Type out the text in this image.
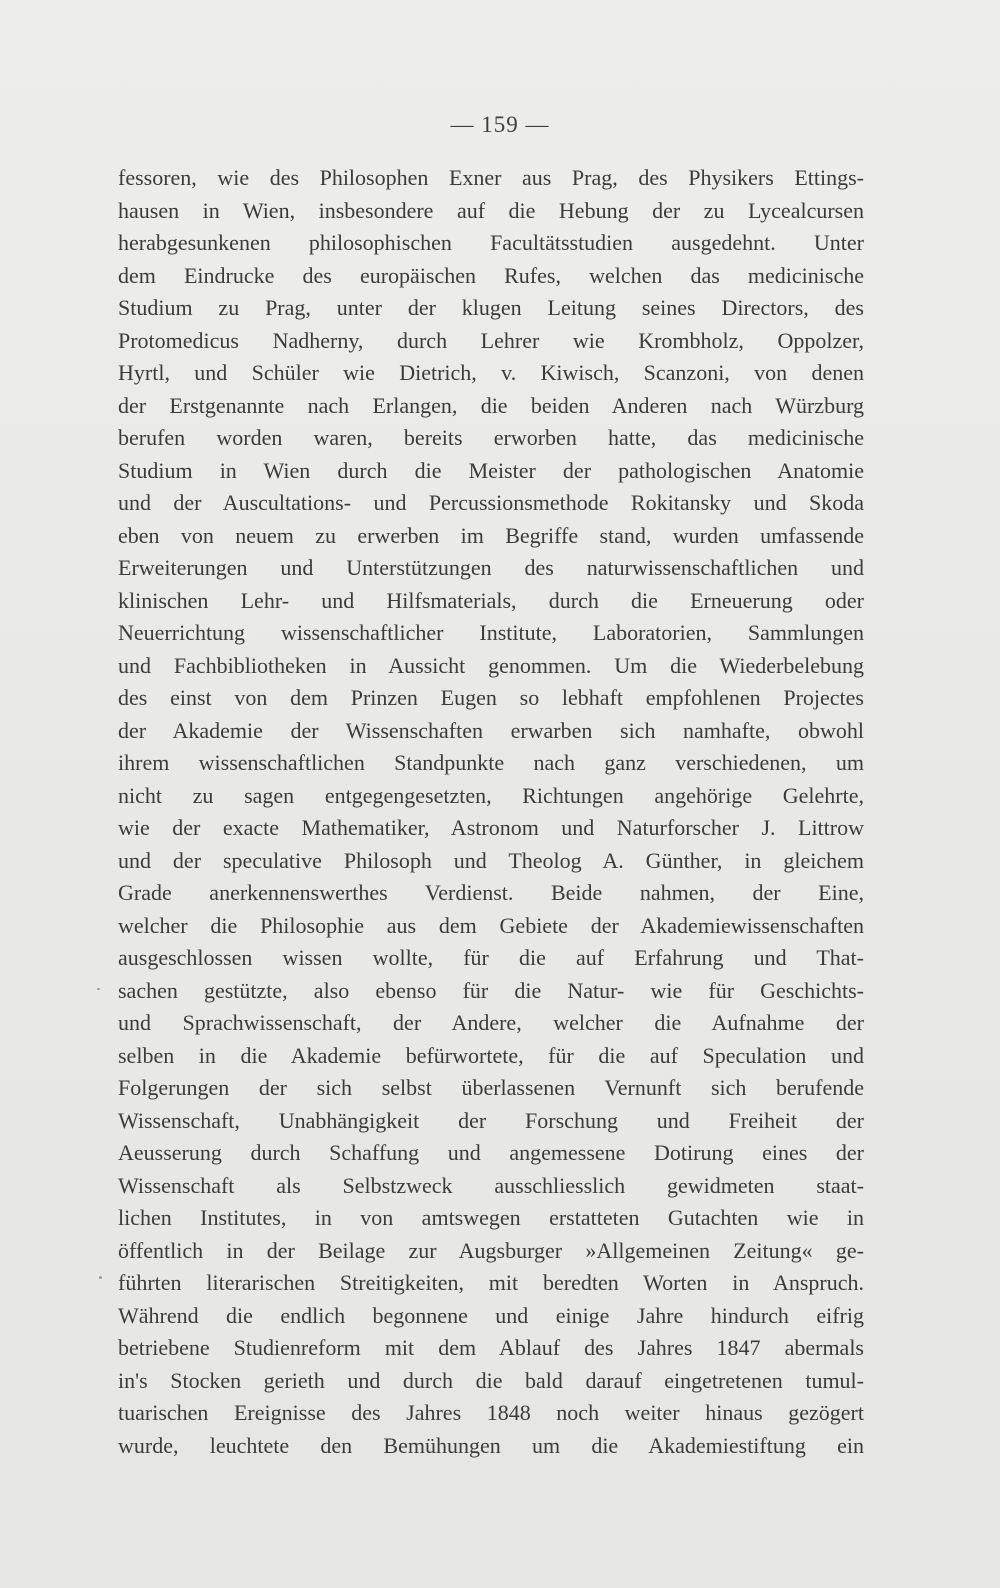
— 159 —
fessoren, wie des Philosophen Exner aus Prag, des Physikers Ettings-
hausen in Wien, insbesondere auf die Hebung der zu Lycealcursen
herabgesunkenen philosophischen Facultätsstudien ausgedehnt. Unter
dem Eindrucke des europäischen Rufes, welchen das medicinische
Studium zu Prag, unter der klugen Leitung seines Directors, des
Protomedicus Nadherny, durch Lehrer wie Krombholz, Oppolzer,
Hyrtl, und Schüler wie Dietrich, v. Kiwisch, Scanzoni, von denen
der Erstgenannte nach Erlangen, die beiden Anderen nach Würzburg
berufen worden waren, bereits erworben hatte, das medicinische
Studium in Wien durch die Meister der pathologischen Anatomie
und der Auscultations- und Percussionsmethode Rokitansky und Skoda
eben von neuem zu erwerben im Begriffe stand, wurden umfassende
Erweiterungen und Unterstützungen des naturwissenschaftlichen und
klinischen Lehr- und Hilfsmaterials, durch die Erneuerung oder
Neuerrichtung wissenschaftlicher Institute, Laboratorien, Sammlungen
und Fachbibliotheken in Aussicht genommen. Um die Wiederbelebung
des einst von dem Prinzen Eugen so lebhaft empfohlenen Projectes
der Akademie der Wissenschaften erwarben sich namhafte, obwohl
ihrem wissenschaftlichen Standpunkte nach ganz verschiedenen, um
nicht zu sagen entgegengesetzten, Richtungen angehörige Gelehrte,
wie der exacte Mathematiker, Astronom und Naturforscher J. Littrow
und der speculative Philosoph und Theolog A. Günther, in gleichem
Grade anerkennenswerthes Verdienst. Beide nahmen, der Eine,
welcher die Philosophie aus dem Gebiete der Akademiewissenschaften
ausgeschlossen wissen wollte, für die auf Erfahrung und That-
sachen gestützte, also ebenso für die Natur- wie für Geschichts-
und Sprachwissenschaft, der Andere, welcher die Aufnahme der
selben in die Akademie befürwortete, für die auf Speculation und
Folgerungen der sich selbst überlassenen Vernunft sich berufende
Wissenschaft, Unabhängigkeit der Forschung und Freiheit der
Aeusserung durch Schaffung und angemessene Dotirung eines der
Wissenschaft als Selbstzweck ausschliesslich gewidmeten staat-
lichen Institutes, in von amtswegen erstatteten Gutachten wie in
öffentlich in der Beilage zur Augsburger »Allgemeinen Zeitung« ge-
führten literarischen Streitigkeiten, mit beredten Worten in Anspruch.
Während die endlich begonnene und einige Jahre hindurch eifrig
betriebene Studienreform mit dem Ablauf des Jahres 1847 abermals
in's Stocken gerieth und durch die bald darauf eingetretenen tumul-
tuarischen Ereignisse des Jahres 1848 noch weiter hinaus gezögert
wurde, leuchtete den Bemühungen um die Akademiestiftung ein
